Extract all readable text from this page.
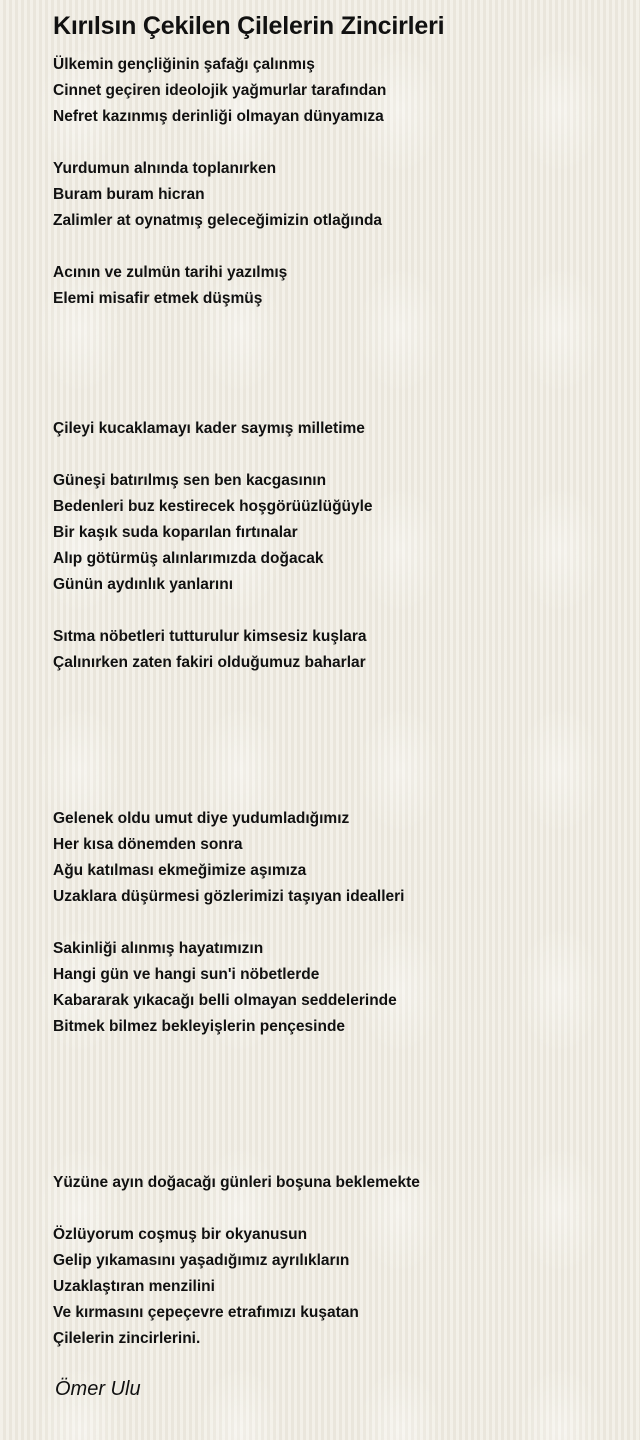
Kırılsın Çekilen Çilelerin Zincirleri
Ülkemin gençliğinin şafağı çalınmış
Cinnet geçiren ideolojik yağmurlar tarafından
Nefret kazınmış derinliği olmayan dünyamıza
Yurdumun alnında toplanırken
Buram buram hicran
Zalimler at oynatmış geleceğimizin otlağında
Acının ve zulmün tarihi yazılmış
Elemi misafir etmek düşmüş
Çileyi kucaklamayı kader saymış milletime
Güneşi batırılmış sen ben kacgasının
Bedenleri buz kestirecek hoşgörüüzlüğüyle
Bir kaşık suda koparılan fırtınalar
Alıp götürmüş alınlarımızda doğacak
Günün aydınlık yanlarını
Sıtma nöbetleri tutturulur kimsesiz kuşlara
Çalınırken zaten fakiri olduğumuz baharlar
Gelenek oldu umut diye yudumladığımız
Her kısa dönemden sonra
Ağu katılması ekmeğimize aşımıza
Uzaklara düşürmesi gözlerimizi taşıyan idealleri
Sakinliği alınmış hayatımızın
Hangi gün ve hangi sun'i nöbetlerde
Kabararak yıkacağı belli olmayan seddelerinde
Bitmek bilmez bekleyişlerin pençesinde
Yüzüne ayın doğacağı günleri boşuna beklemekte
Özlüyorum coşmuş bir okyanusun
Gelip yıkamasını yaşadığımız ayrılıkların
Uzaklaştıran menzilini
Ve kırmasını çepeçevre etrafımızı kuşatan
Çilelerin zincirlerini.
Ömer Ulu
